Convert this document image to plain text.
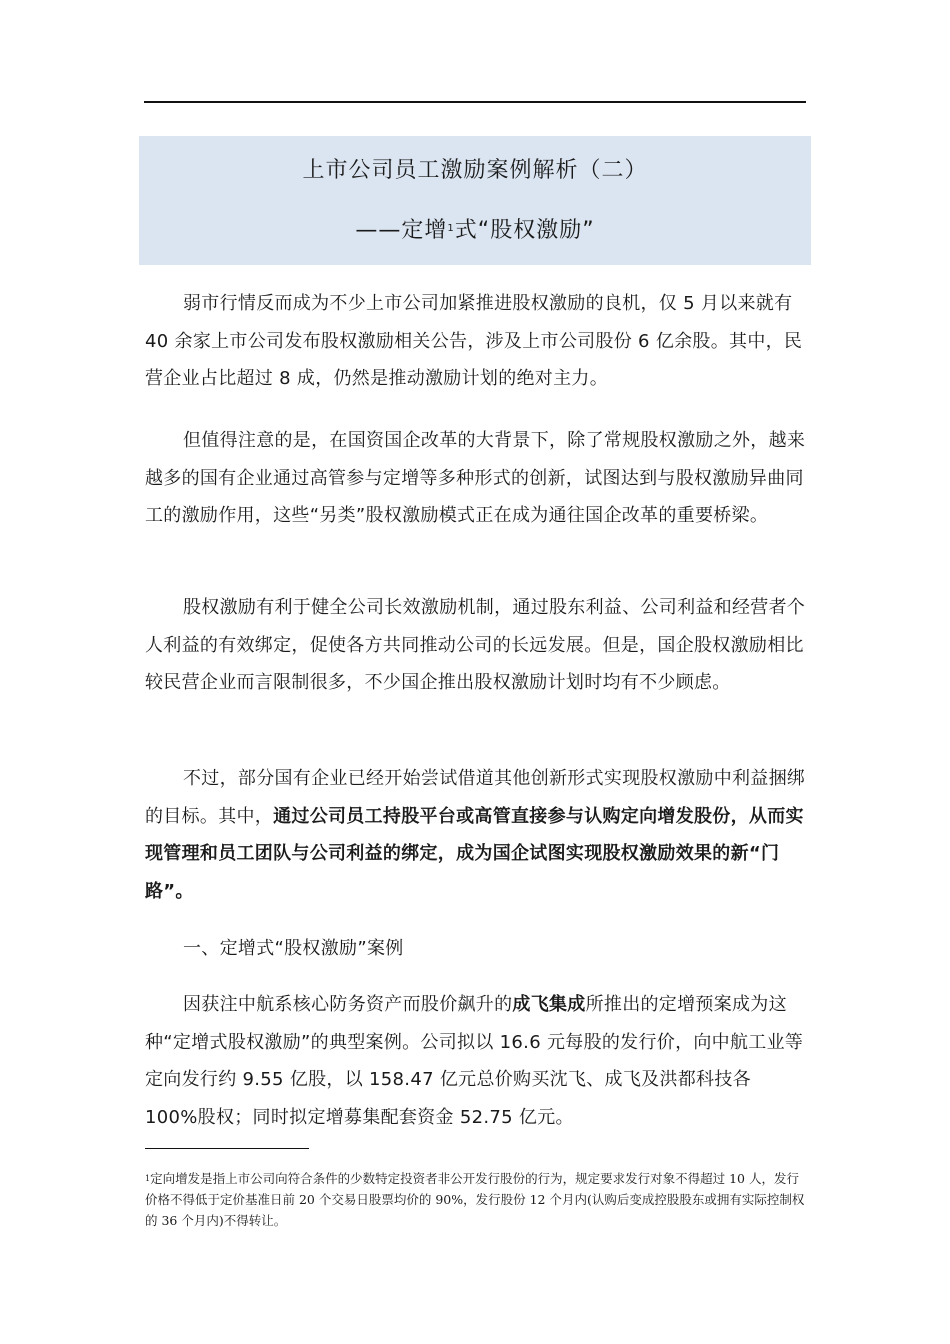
上市公司员工激励案例解析（二）
——定增$^1$式“股权激励”

弱市行情反而成为不少上市公司加紧推进股权激励的良机，仅 5 月以来就有 40 余家上市公司发布股权激励相关公告，涉及上市公司股份 6 亿余股。其中，民营企业占比超过 8 成，仍然是推动激励计划的绝对主力。

但值得注意的是，在国资国企改革的大背景下，除了常规股权激励之外，越来越多的国有企业通过高管参与定增等多种形式的创新，试图达到与股权激励异曲同工的激励作用，这些“另类”股权激励模式正在成为通往国企改革的重要桥梁。

股权激励有利于健全公司长效激励机制，通过股东利益、公司利益和经营者个人利益的有效绑定，促使各方共同推动公司的长远发展。但是，国企股权激励相比较民营企业而言限制很多，不少国企推出股权激励计划时均有不少顾虑。

不过，部分国有企业已经开始尝试借道其他创新形式实现股权激励中利益捆绑的目标。其中，通过公司员工持股平台或高管直接参与认购定向增发股份，从而实现管理和员工团队与公司利益的绑定，成为国企试图实现股权激励效果的新“门路”。

一、定增式“股权激励”案例

因获注中航系核心防务资产而股价飙升的成飞集成所推出的定增预案成为这种“定增式股权激励”的典型案例。公司拟以 16.6 元每股的发行价，向中航工业等定向发行约 9.55 亿股，以 158.47 亿元总价购买沈飞、成飞及洪都科技各 100%股权；同时拟定增募集配套资金 52.75 亿元。

$^1$定向增发是指上市公司向符合条件的少数特定投资者非公开发行股份的行为，规定要求发行对象不得超过 10 人，发行价格不得低于定价基准日前 20 个交易日股票均价的 90%，发行股份 12 个月内(认购后变成控股股东或拥有实际控制权的 36 个月内)不得转让。
